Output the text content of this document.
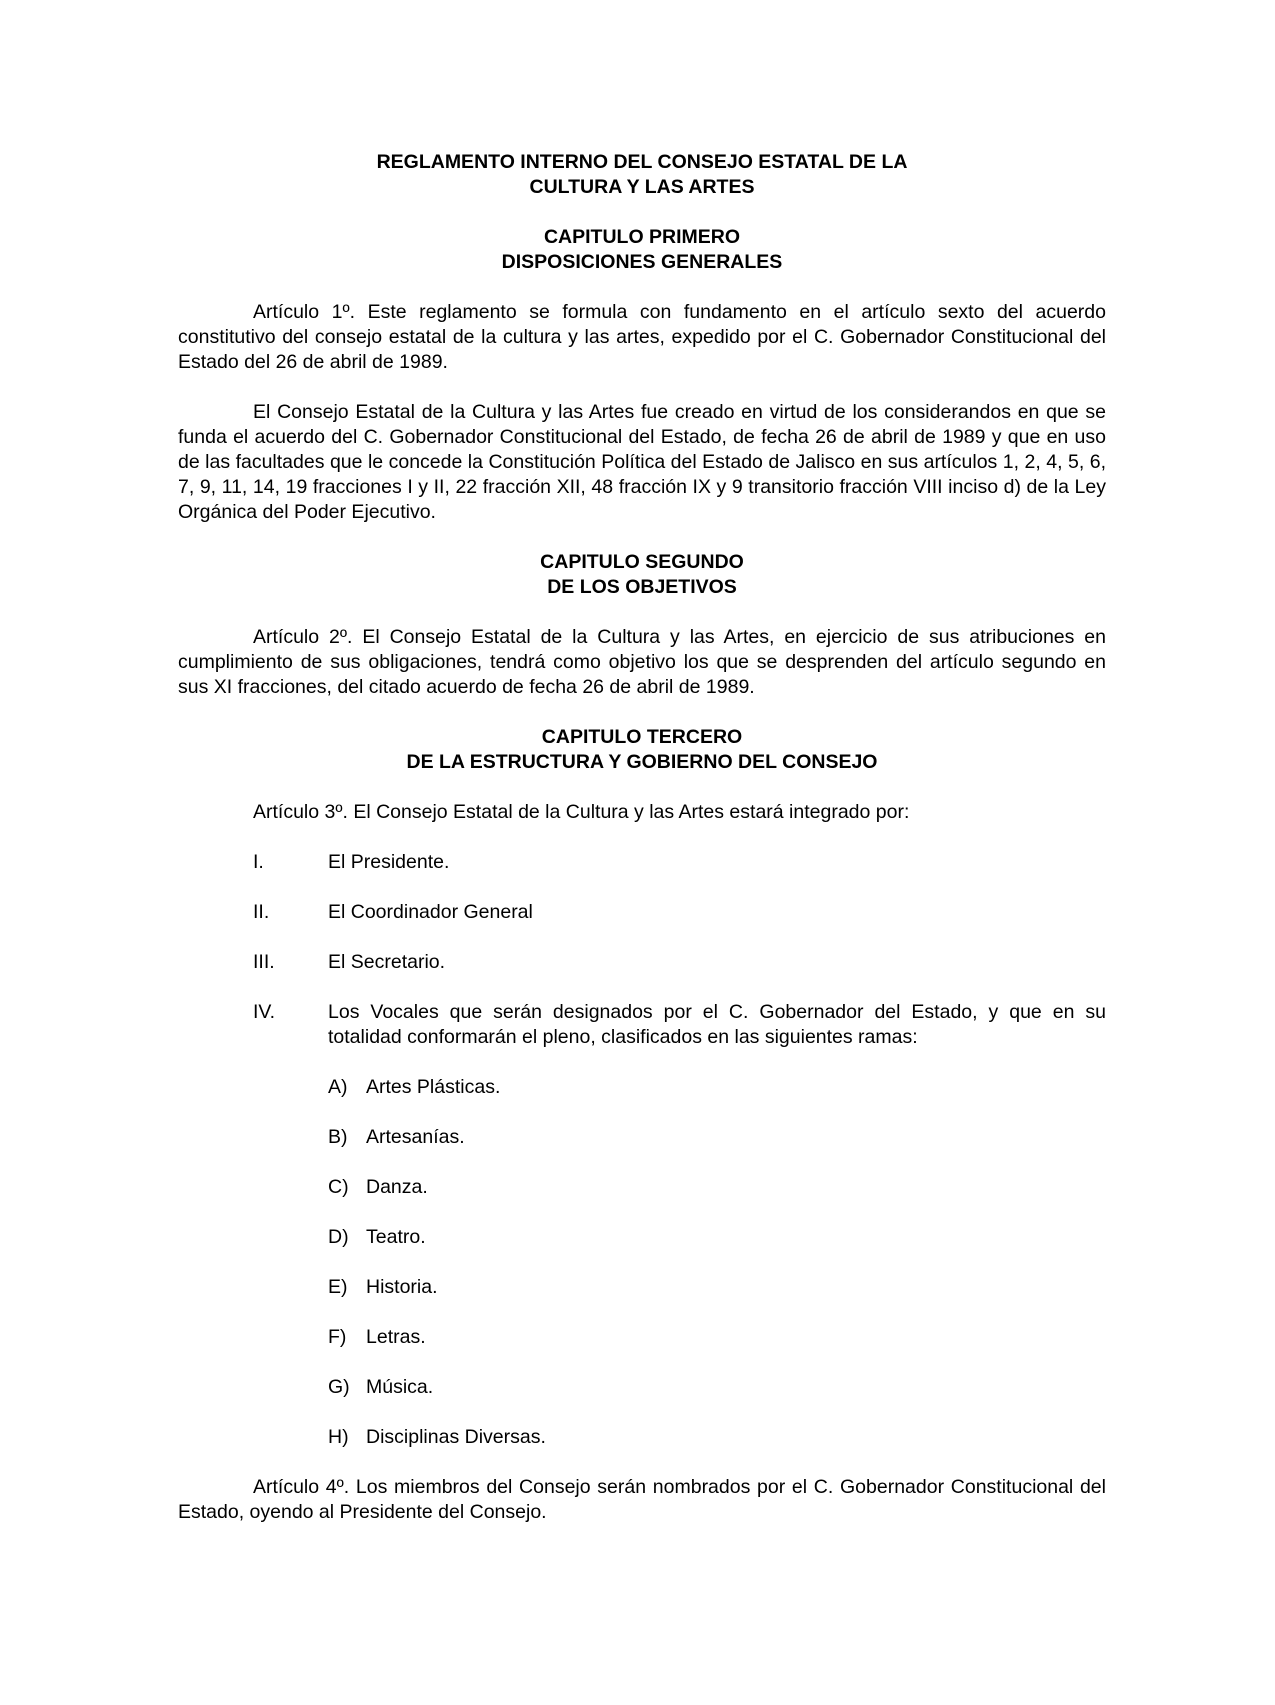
REGLAMENTO INTERNO DEL CONSEJO ESTATAL DE LA
CULTURA Y LAS ARTES
CAPITULO PRIMERO
DISPOSICIONES GENERALES

Artículo 1º. Este reglamento se formula con fundamento en el artículo sexto del acuerdo constitutivo del consejo estatal de la cultura y las artes, expedido por el C. Gobernador Constitucional del Estado del 26 de abril de 1989.

El Consejo Estatal de la Cultura y las Artes fue creado en virtud de los considerandos en que se funda el acuerdo del C. Gobernador Constitucional del Estado, de fecha 26 de abril de 1989 y que en uso de las facultades que le concede la Constitución Política del Estado de Jalisco en sus artículos 1, 2, 4, 5, 6, 7, 9, 11, 14, 19 fracciones I y II, 22 fracción XII, 48 fracción IX y 9 transitorio fracción VIII inciso d) de la Ley Orgánica del Poder Ejecutivo.

CAPITULO SEGUNDO
DE LOS OBJETIVOS

Artículo 2º. El Consejo Estatal de la Cultura y las Artes, en ejercicio de sus atribuciones en cumplimiento de sus obligaciones, tendrá como objetivo los que se desprenden del artículo segundo en sus XI fracciones, del citado acuerdo de fecha 26 de abril de 1989.

CAPITULO TERCERO
DE LA ESTRUCTURA Y GOBIERNO DEL CONSEJO

Artículo 3º. El Consejo Estatal de la Cultura y las Artes estará integrado por:

I.	El Presidente.
II.	El Coordinador General
III.	El Secretario.
IV.	Los Vocales que serán designados por el C. Gobernador del Estado, y que en su totalidad conformarán el pleno, clasificados en las siguientes ramas:
A) Artes Plásticas.
B) Artesanías.
C) Danza.
D) Teatro.
E) Historia.
F) Letras.
G) Música.
H) Disciplinas Diversas.

Artículo 4º. Los miembros del Consejo serán nombrados por el C. Gobernador Constitucional del Estado, oyendo al Presidente del Consejo.
